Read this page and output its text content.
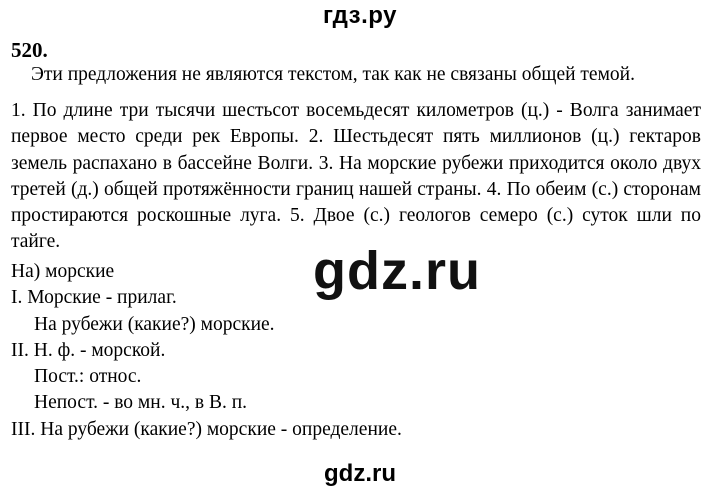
гдз.ру
520.
Эти предложения не являются текстом, так как не связаны общей темой.
1. По длине три тысячи шестьсот восемьдесят километров (ц.) - Волга занимает первое место среди рек Европы. 2. Шестьдесят пять миллионов (ц.) гектаров земель распахано в бассейне Волги. 3. На морские рубежи приходится около двух третей (д.) общей протяжённости границ нашей страны. 4. По обеим (с.) сторонам простираются роскошные луга. 5. Двое (с.) геологов семеро (с.) суток шли по тайге.
На) морские
I. Морские - прилаг.
На рубежи (какие?) морские.
II. Н. ф. - морской.
Пост.: относ.
Непост. - во мн. ч., в В. п.
III. На рубежи (какие?) морские - определение.
gdz.ru
gdz.ru
